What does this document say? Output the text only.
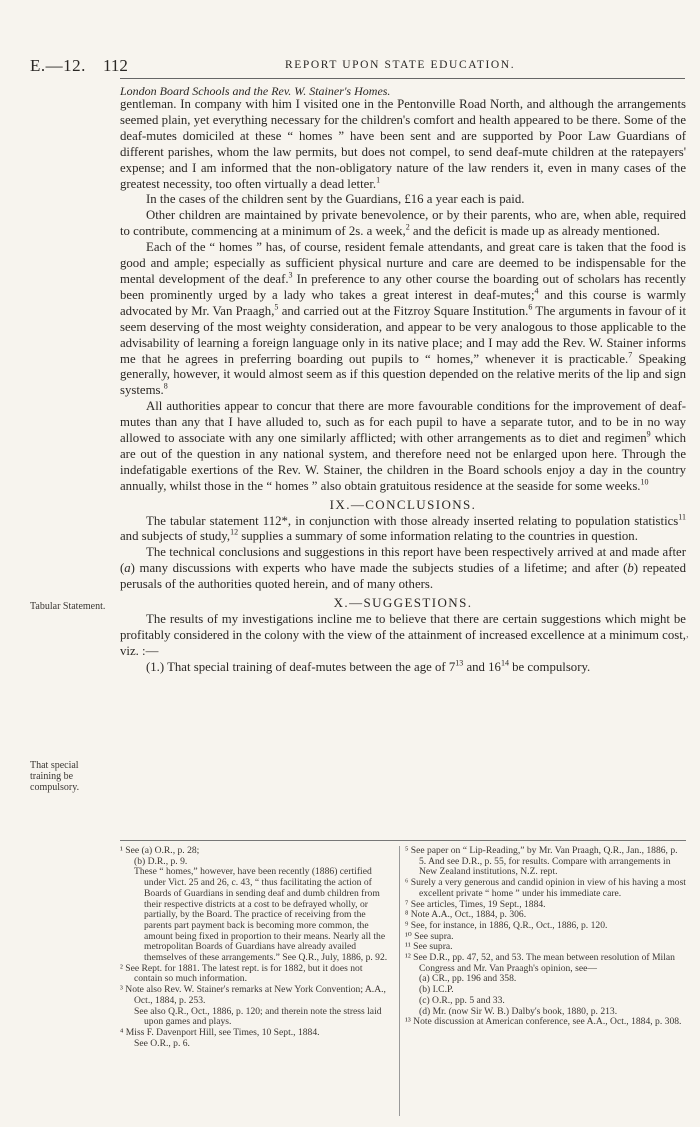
E.—12. 112	REPORT UPON STATE EDUCATION.
London Board Schools and the Rev. W. Stainer's Homes.

gentleman. In company with him I visited one in the Pentonville Road North, and although the arrangements seemed plain, yet everything necessary for the children's comfort and health appeared to be there. Some of the deaf-mutes domiciled at these “ homes ” have been sent and are supported by Poor Law Guardians of different parishes, whom the law permits, but does not compel, to send deaf-mute children at the ratepayers' expense; and I am informed that the non-obligatory nature of the law renders it, even in many cases of the greatest necessity, too often virtually a dead letter.$^1$

In the cases of the children sent by the Guardians, £16 a year each is paid.

Other children are maintained by private benevolence, or by their parents, who are, when able, required to contribute, commencing at a minimum of 2s. a week,$^2$ and the deficit is made up as already mentioned.

Each of the “ homes ” has, of course, resident female attendants, and great care is taken that the food is good and ample; especially as sufficient physical nurture and care are deemed to be indispensable for the mental development of the deaf.$^3$ In preference to any other course the boarding out of scholars has recently been prominently urged by a lady who takes a great interest in deaf-mutes;$^4$ and this course is warmly advocated by Mr. Van Praagh,$^5$ and carried out at the Fitzroy Square Institution.$^6$ The arguments in favour of it seem deserving of the most weighty consideration, and appear to be very analogous to those applicable to the advisability of learning a foreign language only in its native place; and I may add the Rev. W. Stainer informs me that he agrees in preferring boarding out pupils to “ homes,” whenever it is practicable.$^7$ Speaking generally, however, it would almost seem as if this question depended on the relative merits of the lip and sign systems.$^8$

All authorities appear to concur that there are more favourable conditions for the improvement of deaf-mutes than any that I have alluded to, such as for each pupil to have a separate tutor, and to be in no way allowed to associate with any one similarly afflicted; with other arrangements as to diet and regimen$^9$ which are out of the question in any national system, and therefore need not be enlarged upon here. Through the indefatigable exertions of the Rev. W. Stainer, the children in the Board schools enjoy a day in the country annually, whilst those in the “ homes ” also obtain gratuitous residence at the seaside for some weeks.$^{10}$

IX.—CONCLUSIONS.

The tabular statement 112*, in conjunction with those already inserted relating to population statistics$^{11}$ and subjects of study,$^{12}$ supplies a summary of some information relating to the countries in question.

The technical conclusions and suggestions in this report have been respectively arrived at and made after (a) many discussions with experts who have made the subjects studies of a lifetime; and after (b) repeated perusals of the authorities quoted herein, and of many others.

X.—SUGGESTIONS.

The results of my investigations incline me to believe that there are certain suggestions which might be profitably considered in the colony with the view of the attainment of increased excellence at a minimum cost, viz. :—

(1.) That special training of deaf-mutes between the age of $7^{13}$ and $16^{14}$ be compulsory.

Tabular Statement.
That special training be compulsory.
,

¹ See (a) O.R., p. 28;

(b) D.R., p. 9.

These “ homes,” however, have been recently (1886) certified under Vict. 25 and 26, c. 43, “ thus facilitating the action of Boards of Guardians in sending deaf and dumb children from their respective districts at a cost to be defrayed wholly, or partially, by the Board. The practice of receiving from the parents part payment back is becoming more common, the amount being fixed in proportion to their means. Nearly all the metropolitan Boards of Guardians have already availed themselves of these arrangements.” See Q.R., July, 1886, p. 92.

² See Rept. for 1881. The latest rept. is for 1882, but it does not contain so much information.

³ Note also Rev. W. Stainer's remarks at New York Convention; A.A., Oct., 1884, p. 253.

See also Q.R., Oct., 1886, p. 120; and therein note the stress laid upon games and plays.

⁴ Miss F. Davenport Hill, see Times, 10 Sept., 1884.

See O.R., p. 6.

⁵ See paper on “ Lip-Reading,” by Mr. Van Praagh, Q.R., Jan., 1886, p. 5. And see D.R., p. 55, for results. Compare with arrangements in New Zealand institutions, N.Z. rept.

⁶ Surely a very generous and candid opinion in view of his having a most excellent private “ home ” under his immediate care.

⁷ See articles, Times, 19 Sept., 1884.

⁸ Note A.A., Oct., 1884, p. 306.

⁹ See, for instance, in 1886, Q.R., Oct., 1886, p. 120.

¹⁰ See supra.

¹¹ See supra.

¹² See D.R., pp. 47, 52, and 53. The mean between resolution of Milan Congress and Mr. Van Praagh's opinion, see—

(a) CR., pp. 196 and 358.

(b) I.C.P.

(c) O.R., pp. 5 and 33.

(d) Mr. (now Sir W. B.) Dalby's book, 1880, p. 213.

¹³ Note discussion at American conference, see A.A., Oct., 1884, p. 308.
